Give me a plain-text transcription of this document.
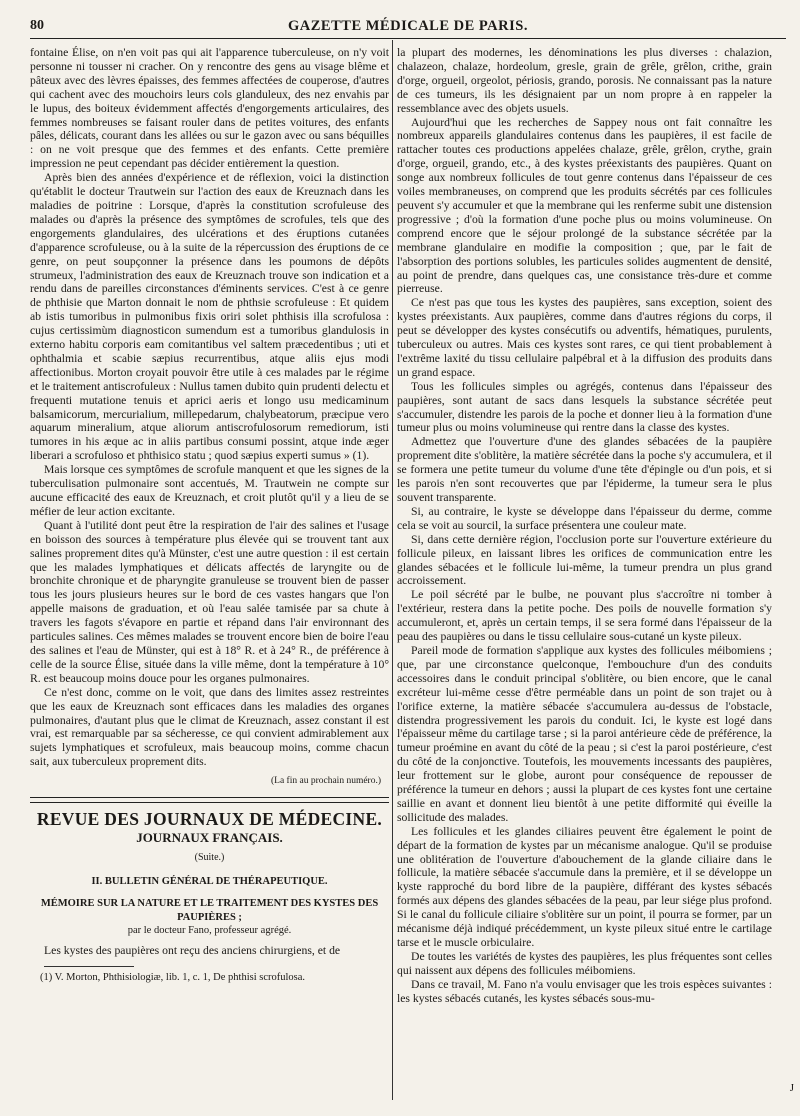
80	GAZETTE MÉDICALE DE PARIS.

fontaine Élise, on n'en voit pas qui ait l'apparence tuberculeuse, on n'y voit personne ni tousser ni cracher. On y rencontre des gens au visage blême et pâteux avec des lèvres épaisses, des femmes affectées de couperose, d'autres qui cachent avec des mouchoirs leurs cols glanduleux, des nez envahis par le lupus, des boiteux évidemment affectés d'engorgements articulaires, des femmes nombreuses se faisant rouler dans de petites voitures, des enfants pâles, délicats, courant dans les allées ou sur le gazon avec ou sans béquilles : on ne voit presque que des femmes et des enfants. Cette première impression ne peut cependant pas décider entièrement la question.

Après bien des années d'expérience et de réflexion, voici la distinction qu'établit le docteur Trautwein sur l'action des eaux de Kreuznach dans les maladies de poitrine : Lorsque, d'après la constitution scrofuleuse des malades ou d'après la présence des symptômes de scrofules, tels que des engorgements glandulaires, des ulcérations et des éruptions cutanées d'apparence scrofuleuse, ou à la suite de la répercussion des éruptions de ce genre, on peut soupçonner la présence dans les poumons de dépôts strumeux, l'administration des eaux de Kreuznach trouve son indication et a rendu dans de pareilles circonstances d'éminents services. C'est à ce genre de phthisie que Marton donnait le nom de phthsie scrofuleuse : Et quidem ab istis tumoribus in pulmonibus fixis oriri solet phthisis illa scrofulosa : cujus certissimùm diagnosticon sumendum est a tumoribus glandulosis in externo habitu corporis eam comitantibus vel saltem præcedentibus ; uti et ophthalmia et scabie sæpius recurrentibus, atque aliis ejus modi affectionibus. Morton croyait pouvoir être utile à ces malades par le régime et le traitement antiscrofuleux : Nullus tamen dubito quin prudenti delectu et frequenti mutatione tenuis et aprici aeris et longo usu medicaminum balsamicorum, mercurialium, millepedarum, chalybeatorum, præcipue vero aquarum mineralium, atque aliorum antiscrofulosorum remediorum, isti tumores in his æque ac in aliis partibus consumi possint, atque inde æger liberari a scrofuloso et phthisico statu ; quod sæpius experti sumus » (1).

Mais lorsque ces symptômes de scrofule manquent et que les signes de la tuberculisation pulmonaire sont accentués, M. Trautwein ne compte sur aucune efficacité des eaux de Kreuznach, et croit plutôt qu'il y a lieu de se méfier de leur action excitante.

Quant à l'utilité dont peut être la respiration de l'air des salines et l'usage en boisson des sources à température plus élevée qui se trouvent tant aux salines proprement dites qu'à Münster, c'est une autre question : il est certain que les malades lymphatiques et délicats affectés de laryngite ou de bronchite chronique et de pharyngite granuleuse se trouvent bien de passer tous les jours plusieurs heures sur le bord de ces vastes hangars que l'on appelle maisons de graduation, et où l'eau salée tamisée par sa chute à travers les fagots s'évapore en partie et répand dans l'air environnant des particules salines. Ces mêmes malades se trouvent encore bien de boire l'eau des salines et l'eau de Münster, qui est à 18° R. et à 24° R., de préférence à celle de la source Élise, située dans la ville même, dont la température à 10° R. est beaucoup moins douce pour les organes pulmonaires.

Ce n'est donc, comme on le voit, que dans des limites assez restreintes que les eaux de Kreuznach sont efficaces dans les maladies des organes pulmonaires, d'autant plus que le climat de Kreuznach, assez constant il est vrai, est remarquable par sa sécheresse, ce qui convient admirablement aux sujets lymphatiques et scrofuleux, mais beaucoup moins, comme chacun sait, aux tuberculeux proprement dits.

(La fin au prochain numéro.)
REVUE DES JOURNAUX DE MÉDECINE.
JOURNAUX FRANÇAIS.
(Suite.)
II. BULLETIN GÉNÉRAL DE THÉRAPEUTIQUE.
MÉMOIRE SUR LA NATURE ET LE TRAITEMENT DES KYSTES DES PAUPIÈRES ;
par le docteur Fano, professeur agrégé.

Les kystes des paupières ont reçu des anciens chirurgiens, et de

(1) V. Morton, Phthisiologiæ, lib. 1, c. 1, De phthisi scrofulosa.

la plupart des modernes, les dénominations les plus diverses : chalazion, chalazeon, chalaze, hordeolum, gresle, grain de grêle, grêlon, crithe, grain d'orge, orgueil, orgeolot, périosis, grando, porosis. Ne connaissant pas la nature de ces tumeurs, ils les désignaient par un nom propre à en rappeler la ressemblance avec des objets usuels.

Aujourd'hui que les recherches de Sappey nous ont fait connaître les nombreux appareils glandulaires contenus dans les paupières, il est facile de rattacher toutes ces productions appelées chalaze, grêle, grêlon, crythe, grain d'orge, orgueil, grando, etc., à des kystes préexistants des paupières. Quant on songe aux nombreux follicules de tout genre contenus dans l'épaisseur de ces voiles membraneuses, on comprend que les produits sécrétés par ces follicules peuvent s'y accumuler et que la membrane qui les renferme subit une distension progressive ; d'où la formation d'une poche plus ou moins volumineuse. On comprend encore que le séjour prolongé de la substance sécrétée par la membrane glandulaire en modifie la composition ; que, par le fait de l'absorption des portions solubles, les particules solides augmentent de densité, au point de prendre, dans quelques cas, une consistance très-dure et comme pierreuse.

Ce n'est pas que tous les kystes des paupières, sans exception, soient des kystes préexistants. Aux paupières, comme dans d'autres régions du corps, il peut se développer des kystes consécutifs ou adventifs, hématiques, purulents, tuberculeux ou autres. Mais ces kystes sont rares, ce qui tient probablement à l'extrême laxité du tissu cellulaire palpébral et à la diffusion des produits dans un grand espace.

Tous les follicules simples ou agrégés, contenus dans l'épaisseur des paupières, sont autant de sacs dans lesquels la substance sécrétée peut s'accumuler, distendre les parois de la poche et donner lieu à la formation d'une tumeur plus ou moins volumineuse qui rentre dans la classe des kystes.

Admettez que l'ouverture d'une des glandes sébacées de la paupière proprement dite s'oblitère, la matière sécrétée dans la poche s'y accumulera, et il se formera une petite tumeur du volume d'une tête d'épingle ou d'un pois, et si les parois n'en sont recouvertes que par l'épiderme, la tumeur sera le plus souvent transparente.

Si, au contraire, le kyste se développe dans l'épaisseur du derme, comme cela se voit au sourcil, la surface présentera une couleur mate.

Si, dans cette dernière région, l'occlusion porte sur l'ouverture extérieure du follicule pileux, en laissant libres les orifices de communication entre les glandes sébacées et le follicule lui-même, la tumeur prendra un plus grand accroissement.

Le poil sécrété par le bulbe, ne pouvant plus s'accroître ni tomber à l'extérieur, restera dans la petite poche. Des poils de nouvelle formation s'y accumuleront, et, après un certain temps, il se sera formé dans l'épaisseur de la peau des paupières ou dans le tissu cellulaire sous-cutané un kyste pileux.

Pareil mode de formation s'applique aux kystes des follicules méibomiens ; que, par une circonstance quelconque, l'embouchure d'un des conduits accessoires dans le conduit principal s'oblitère, ou bien encore, que le canal excréteur lui-même cesse d'être perméable dans un point de son trajet ou à l'orifice externe, la matière sébacée s'accumulera au-dessus de l'obstacle, distendra progressivement les parois du conduit. Ici, le kyste est logé dans l'épaisseur même du cartilage tarse ; si la paroi antérieure cède de préférence, la tumeur proémine en avant du côté de la peau ; si c'est la paroi postérieure, c'est du côté de la conjonctive. Toutefois, les mouvements incessants des paupières, leur frottement sur le globe, auront pour conséquence de repousser de préférence la tumeur en dehors ; aussi la plupart de ces kystes font une certaine saillie en avant et donnent lieu bientôt à une petite difformité qui éveille la sollicitude des malades.

Les follicules et les glandes ciliaires peuvent être également le point de départ de la formation de kystes par un mécanisme analogue. Qu'il se produise une oblitération de l'ouverture d'abouchement de la glande ciliaire dans le follicule, la matière sébacée s'accumule dans la première, et il se développe un kyste rapproché du bord libre de la paupière, différant des kystes sébacés formés aux dépens des glandes sébacées de la peau, par leur siége plus profond. Si le canal du follicule ciliaire s'oblitère sur un point, il pourra se former, par un mécanisme déjà indiqué précédemment, un kyste pileux situé entre le cartilage tarse et le muscle orbiculaire.

De toutes les variétés de kystes des paupières, les plus fréquentes sont celles qui naissent aux dépens des follicules méibomiens.

Dans ce travail, M. Fano n'a voulu envisager que les trois espèces suivantes : les kystes sébacés cutanés, les kystes sébacés sous-mu-

J
